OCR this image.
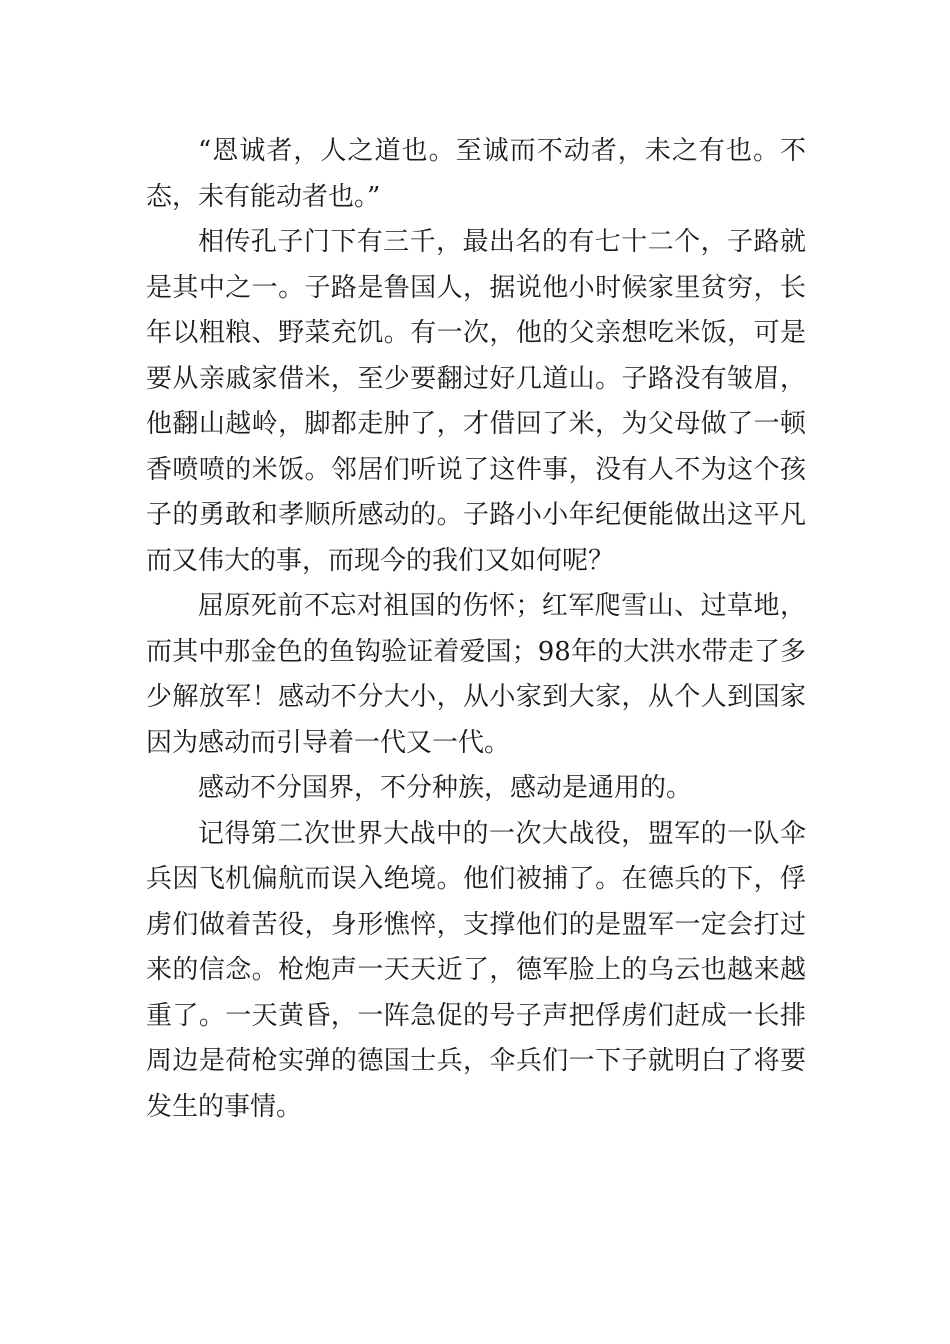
“恩诚者，人之道也。至诚而不动者，未之有也。不态，未有能动者也。”

相传孔子门下有三千，最出名的有七十二个，子路就是其中之一。子路是鲁国人，据说他小时候家里贫穷，长年以粗粮、野菜充饥。有一次，他的父亲想吃米饭，可是要从亲戚家借米，至少要翻过好几道山。子路没有皱眉，他翻山越岭，脚都走肿了，才借回了米，为父母做了一顿香喷喷的米饭。邻居们听说了这件事，没有人不为这个孩子的勇敢和孝顺所感动的。子路小小年纪便能做出这平凡而又伟大的事，而现今的我们又如何呢？

屈原死前不忘对祖国的伤怀；红军爬雪山、过草地，而其中那金色的鱼钩验证着爱国；98年的大洪水带走了多少解放军！感动不分大小，从小家到大家，从个人到国家因为感动而引导着一代又一代。

感动不分国界，不分种族，感动是通用的。

记得第二次世界大战中的一次大战役，盟军的一队伞兵因飞机偏航而误入绝境。他们被捕了。在德兵的下，俘虏们做着苦役，身形憔悴，支撑他们的是盟军一定会打过来的信念。枪炮声一天天近了，德军脸上的乌云也越来越重了。一天黄昏，一阵急促的号子声把俘虏们赶成一长排周边是荷枪实弹的德国士兵，伞兵们一下子就明白了将要发生的事情。
